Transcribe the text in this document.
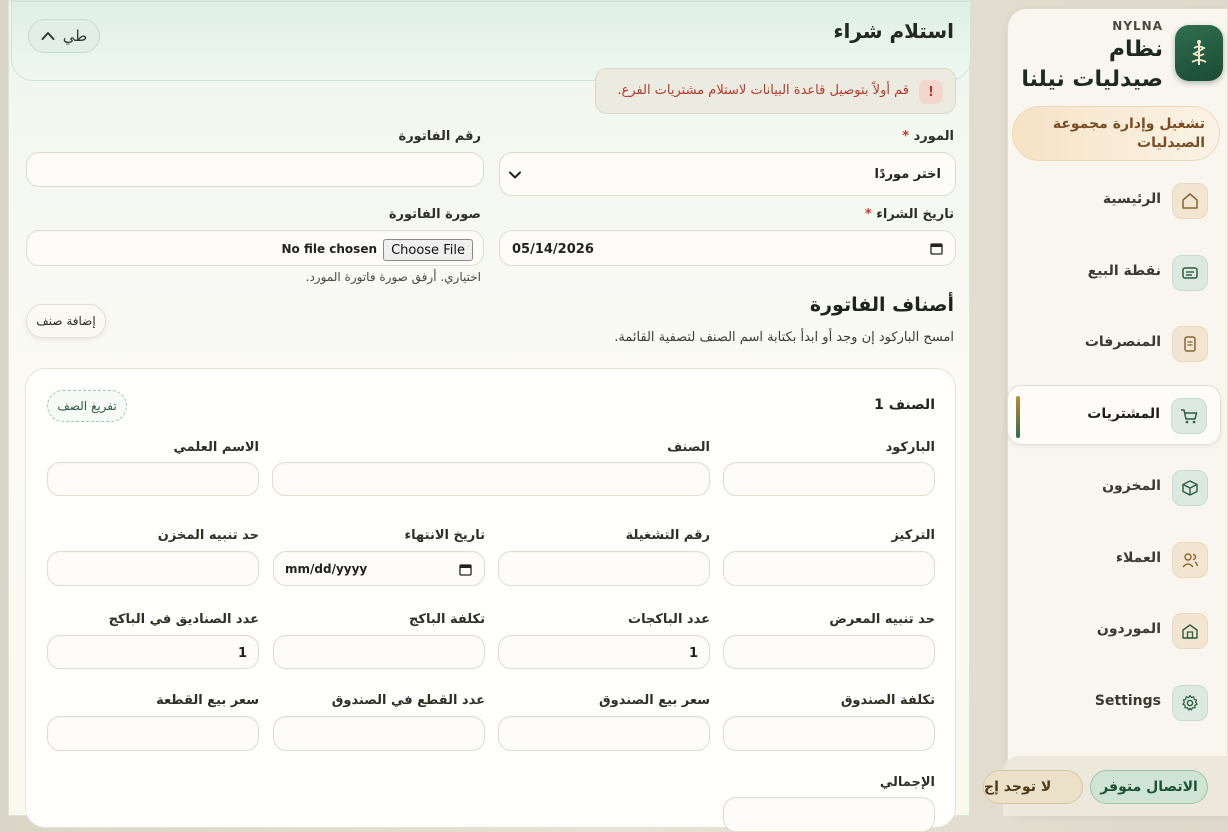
NYLNA
نظام صيدليات نيلنا
تشغيل وإدارة مجموعة الصيدليات
الرئيسية
نقطة البيع
المنصرفات
المشتريات
المخزون
العملاء
الموردون
Settings
الاتصال متوفر
لا توجد إج
استلام شراء
طي
!
قم أولاً بتوصيل قاعدة البيانات لاستلام مشتريات الفرع.
المورد *
اختر موردًا
رقم الفاتورة
تاريخ الشراء *
05/14/2026
صورة الفاتورة
Choose File
No file chosen
اختياري. أرفق صورة فاتورة المورد.
أصناف الفاتورة
امسح الباركود إن وجد أو ابدأ بكتابة اسم الصنف لتصفية القائمة.
إضافة صنف
الصنف 1
تفريغ الصف
الباركود
الصنف
الاسم العلمي
التركيز
رقم التشغيلة
تاريخ الانتهاء
mm/dd/yyyy
حد تنبيه المخزن
حد تنبيه المعرض
عدد الباكجات
1
تكلفة الباكج
عدد الصناديق في الباكج
1
تكلفة الصندوق
سعر بيع الصندوق
عدد القطع في الصندوق
سعر بيع القطعة
الإجمالي
